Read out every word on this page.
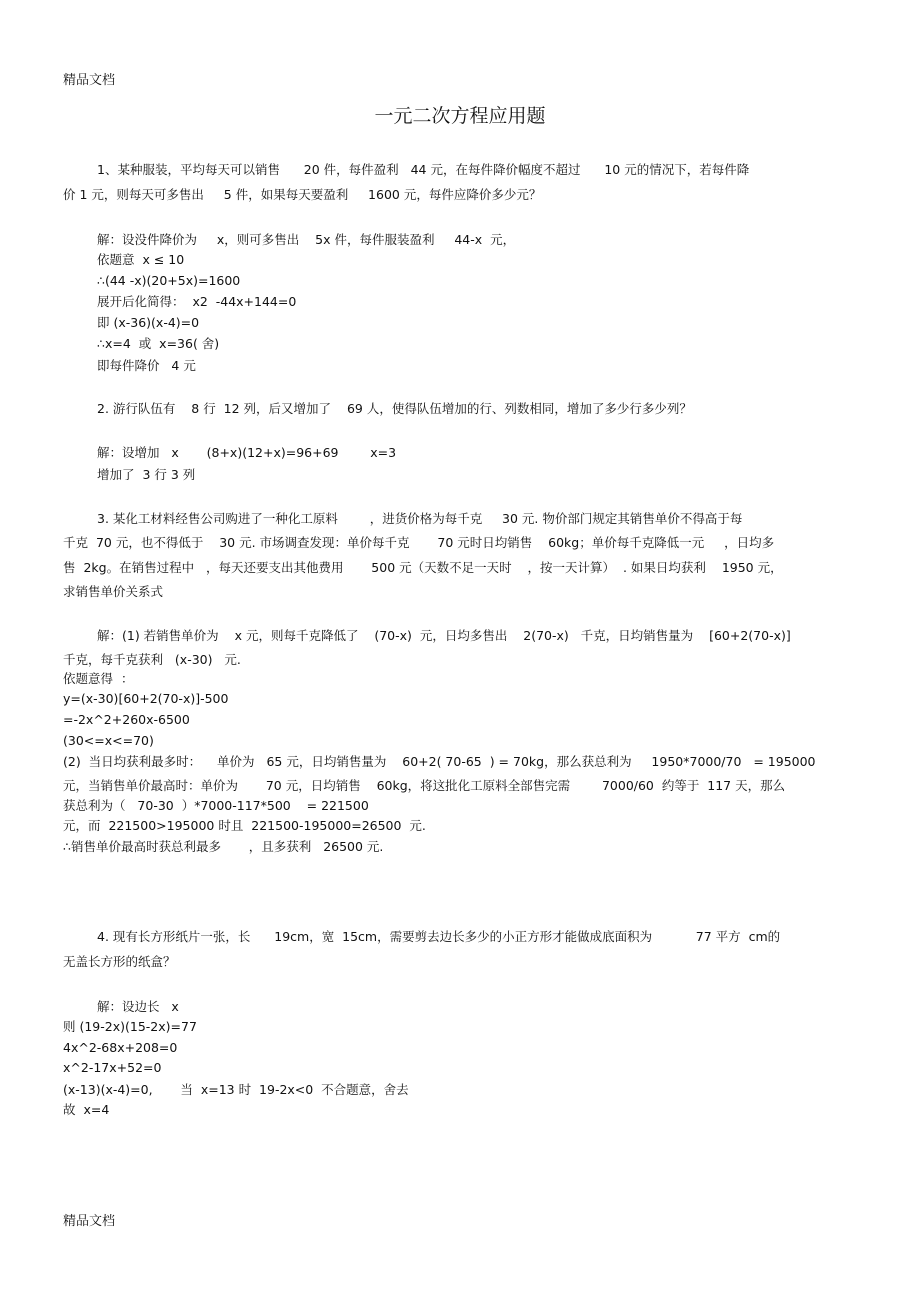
精品文档
一元二次方程应用题
1、某种服装，平均每天可以销售      20 件，每件盈利   44 元，在每件降价幅度不超过      10 元的情况下，若每件降
价 1 元，则每天可多售出     5 件，如果每天要盈利     1600 元，每件应降价多少元？
解：设没件降价为     x，则可多售出    5x 件，每件服装盈利     44-x  元，
依题意  x ≤ 10
∴(44 -x)(20+5x)=1600
展开后化简得：  x2  -44x+144=0
即 (x-36)(x-4)=0
∴x=4  或  x=36( 舍)
即每件降价   4 元
2. 游行队伍有    8 行  12 列，后又增加了    69 人，使得队伍增加的行、列数相同，增加了多少行多少列？
解：设增加   x       (8+x)(12+x)=96+69        x=3
增加了  3 行 3 列
3. 某化工材料经售公司购进了一种化工原料        ，进货价格为每千克     30 元. 物价部门规定其销售单价不得高于每
千克  70 元，也不得低于    30 元. 市场调查发现：单价每千克       70 元时日均销售    60kg；单价每千克降低一元     ，日均多
售  2kg。在销售过程中   ，每天还要支出其他费用       500 元（天数不足一天时    ，按一天计算）  . 如果日均获利    1950 元，
求销售单价关系式
解：(1) 若销售单价为    x 元，则每千克降低了    (70-x)  元，日均多售出    2(70-x)   千克，日均销售量为    [60+2(70-x)]
千克，每千克获利   (x-30)   元.
依题意得  ：
y=(x-30)[60+2(70-x)]-500
=-2x^2+260x-6500
(30<=x<=70)
(2)  当日均获利最多时：    单价为   65 元，日均销售量为    60+2( 70-65  ) = 70kg，那么获总利为     1950*7000/70   = 195000
元，当销售单价最高时：单价为       70 元，日均销售    60kg，将这批化工原料全部售完需        7000/60  约等于  117 天，那么
获总利为（   70-30  ）*7000-117*500    = 221500
元，而  221500>195000 时且  221500-195000=26500  元.
∴销售单价最高时获总利最多       ，且多获利   26500 元.
4. 现有长方形纸片一张，长      19cm，宽  15cm，需要剪去边长多少的小正方形才能做成底面积为           77 平方  cm的
无盖长方形的纸盒？
解：设边长   x
则 (19-2x)(15-2x)=77
4x^2-68x+208=0
x^2-17x+52=0
(x-13)(x-4)=0,       当  x=13 时  19-2x<0  不合题意，舍去
故  x=4
精品文档
